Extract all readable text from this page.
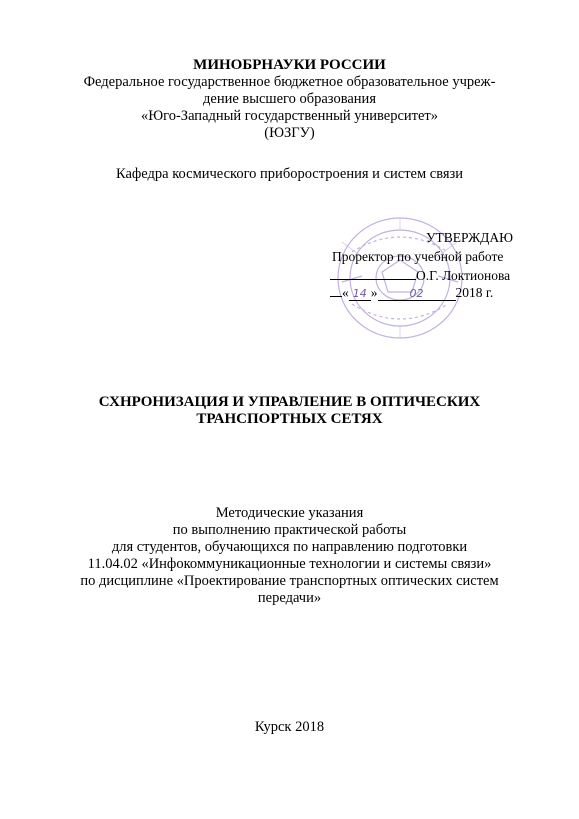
МИНОБРНАУКИ РОССИИ
Федеральное государственное бюджетное образовательное учреж-
дение высшего образования
«Юго-Западный государственный университет»
(ЮЗГУ)
Кафедра космического приборостроения и систем связи
УТВЕРЖДАЮ
Проректор по учебной работе
О.Г. Локтионова
« 14 »	02 2018 г.
СХНРОНИЗАЦИЯ И УПРАВЛЕНИЕ В ОПТИЧЕСКИХ
ТРАНСПОРТНЫХ СЕТЯХ
Методические указания
по выполнению практической работы
для студентов, обучающихся по направлению подготовки
11.04.02 «Инфокоммуникационные технологии и системы связи»
по дисциплине «Проектирование транспортных оптических систем
передачи»
Курск 2018
